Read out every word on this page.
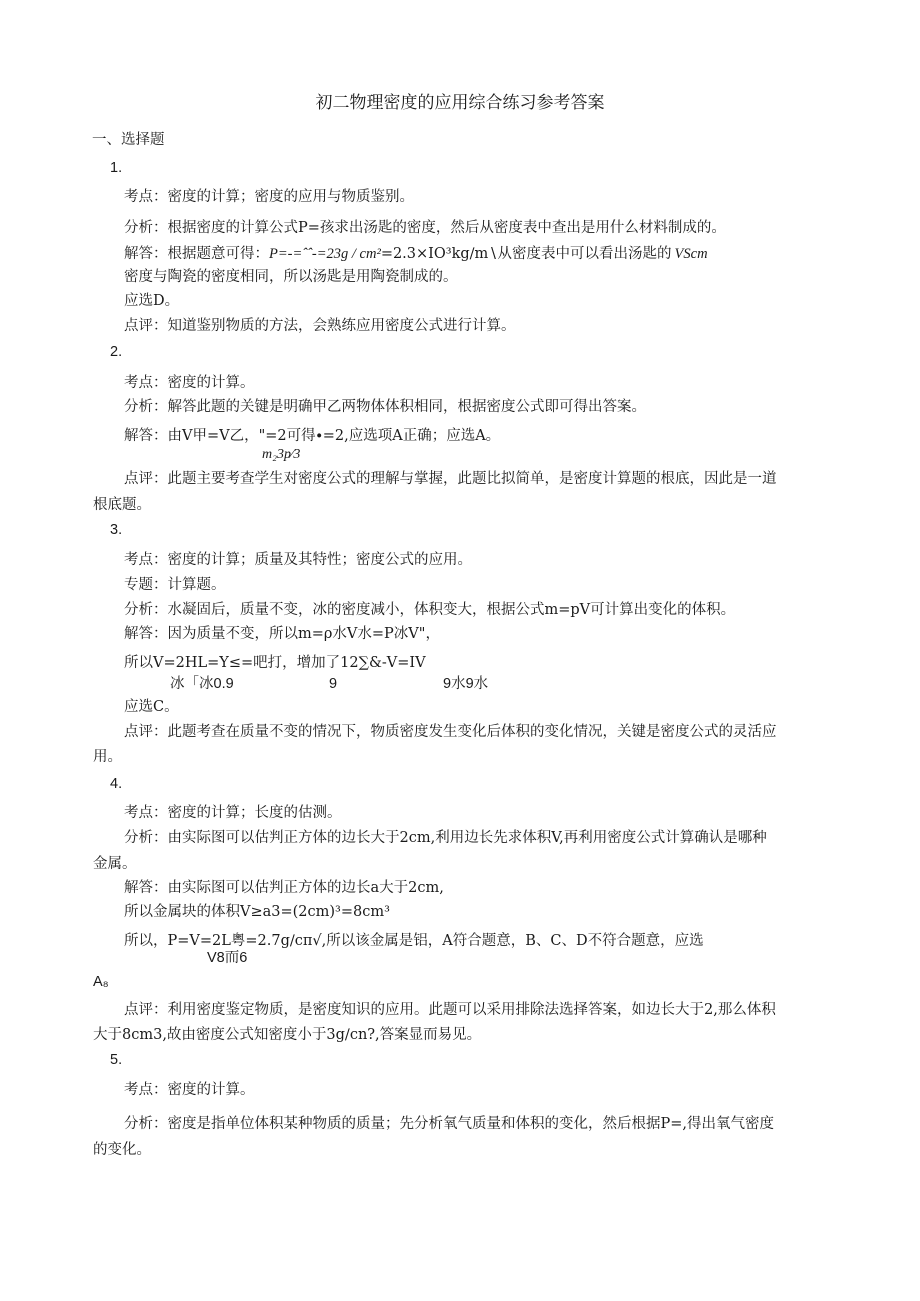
初二物理密度的应用综合练习参考答案
一、选择题
1.
考点：密度的计算；密度的应用与物质鉴别。
分析：根据密度的计算公式P=孩求出汤匙的密度，然后从密度表中查出是用什么材料制成的。
解答：根据题意可得：P=-=ˆˆ-=23g / cm²=2.3×IO³kg∕m∖从密度表中可以看出汤匙的 VScm
密度与陶瓷的密度相同，所以汤匙是用陶瓷制成的。
应选D。
点评：知道鉴别物质的方法，会熟练应用密度公式进行计算。
2.
考点：密度的计算。
分析：解答此题的关键是明确甲乙两物体体积相同，根据密度公式即可得出答案。
解答：由V甲=V乙，"=2可得∙=2,应选项A正确；应选A。
m₂3p⁄3
点评：此题主要考查学生对密度公式的理解与掌握，此题比拟简单，是密度计算题的根底，因此是一道
根底题。
3.
考点：密度的计算；质量及其特性；密度公式的应用。
专题：计算题。
分析：水凝固后，质量不变，冰的密度减小，体积变大，根据公式m=pV可计算出变化的体积。
解答：因为质量不变，所以m=ρ水V水=P冰V"，
所以V=2HL=Y≤=吧打，增加了12∑&-V=IV
冰「冰0.9	9	9水9水
应选C。
点评：此题考查在质量不变的情况下，物质密度发生变化后体积的变化情况，关键是密度公式的灵活应
用。
4.
考点：密度的计算；长度的估测。
分析：由实际图可以估判正方体的边长大于2cm,利用边长先求体积V,再利用密度公式计算确认是哪种
金属。
解答：由实际图可以估判正方体的边长a大于2cm,
所以金属块的体积V≥a3=(2cm)³=8cm³
所以，P=V=2L粤=2.7g∕cπ√,所以该金属是铝，A符合题意，B、C、D不符合题意，应选
V8而6
A₈
点评：利用密度鉴定物质，是密度知识的应用。此题可以采用排除法选择答案，如边长大于2,那么体积
大于8cm3,故由密度公式知密度小于3g∕cn?,答案显而易见。
5.
考点：密度的计算。
分析：密度是指单位体积某种物质的质量；先分析氧气质量和体积的变化，然后根据P=,得出氧气密度
的变化。
